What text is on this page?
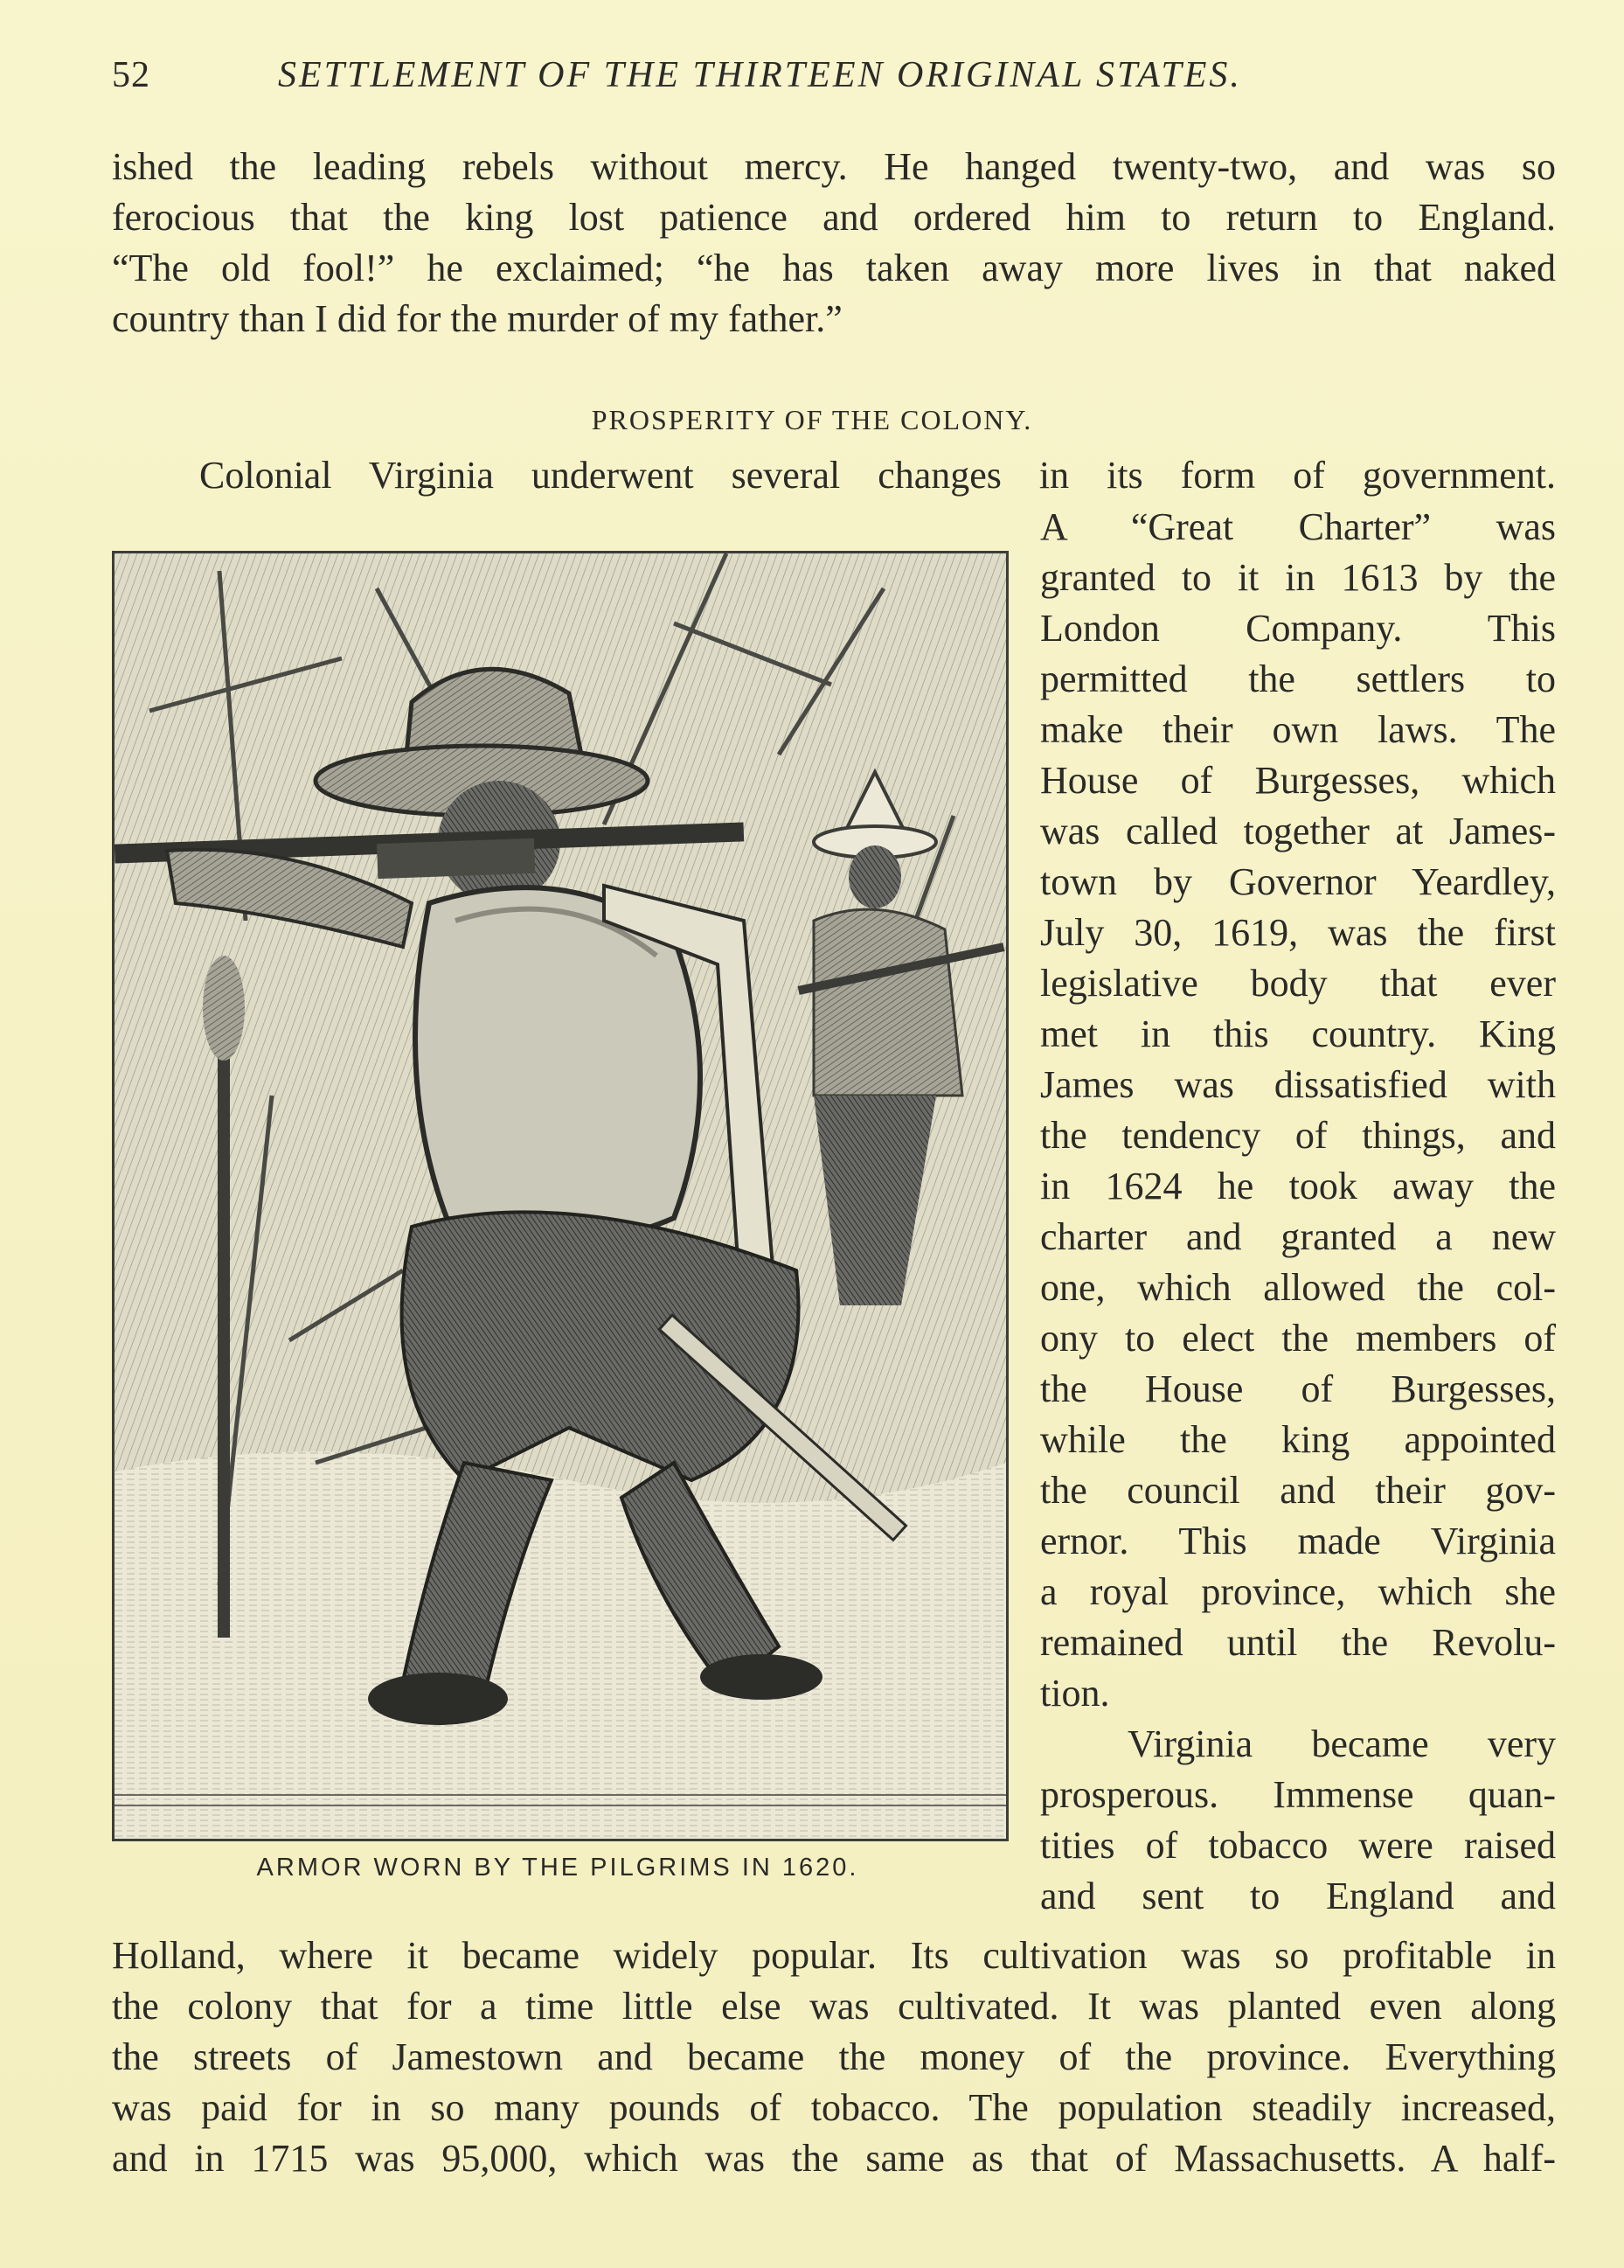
52	SETTLEMENT OF THE THIRTEEN ORIGINAL STATES.

ished the leading rebels without mercy. He hanged twenty-two, and was so

ferocious that the king lost patience and ordered him to return to England.

“The old fool!” he exclaimed; “he has taken away more lives in that naked

country than I did for the murder of my father.”

PROSPERITY OF THE COLONY.
Colonial Virginia underwent several changes in its form of government.

A “Great Charter” was

granted to it in 1613 by the

London Company. This

permitted the settlers to

make their own laws. The

House of Burgesses, which

was called together at James-

town by Governor Yeardley,

July 30, 1619, was the first

legislative body that ever

met in this country. King

James was dissatisfied with

the tendency of things, and

in 1624 he took away the

charter and granted a new

one, which allowed the col-

ony to elect the members of

the House of Burgesses,

while the king appointed

the council and their gov-

ernor. This made Virginia

a royal province, which she

remained until the Revolu-

tion.

Virginia became very

prosperous. Immense quan-

tities of tobacco were raised

and sent to England and

ARMOR WORN BY THE PILGRIMS IN 1620.

Holland, where it became widely popular. Its cultivation was so profitable in

the colony that for a time little else was cultivated. It was planted even along

the streets of Jamestown and became the money of the province. Everything

was paid for in so many pounds of tobacco. The population steadily increased,

and in 1715 was 95,000, which was the same as that of Massachusetts. A half-
